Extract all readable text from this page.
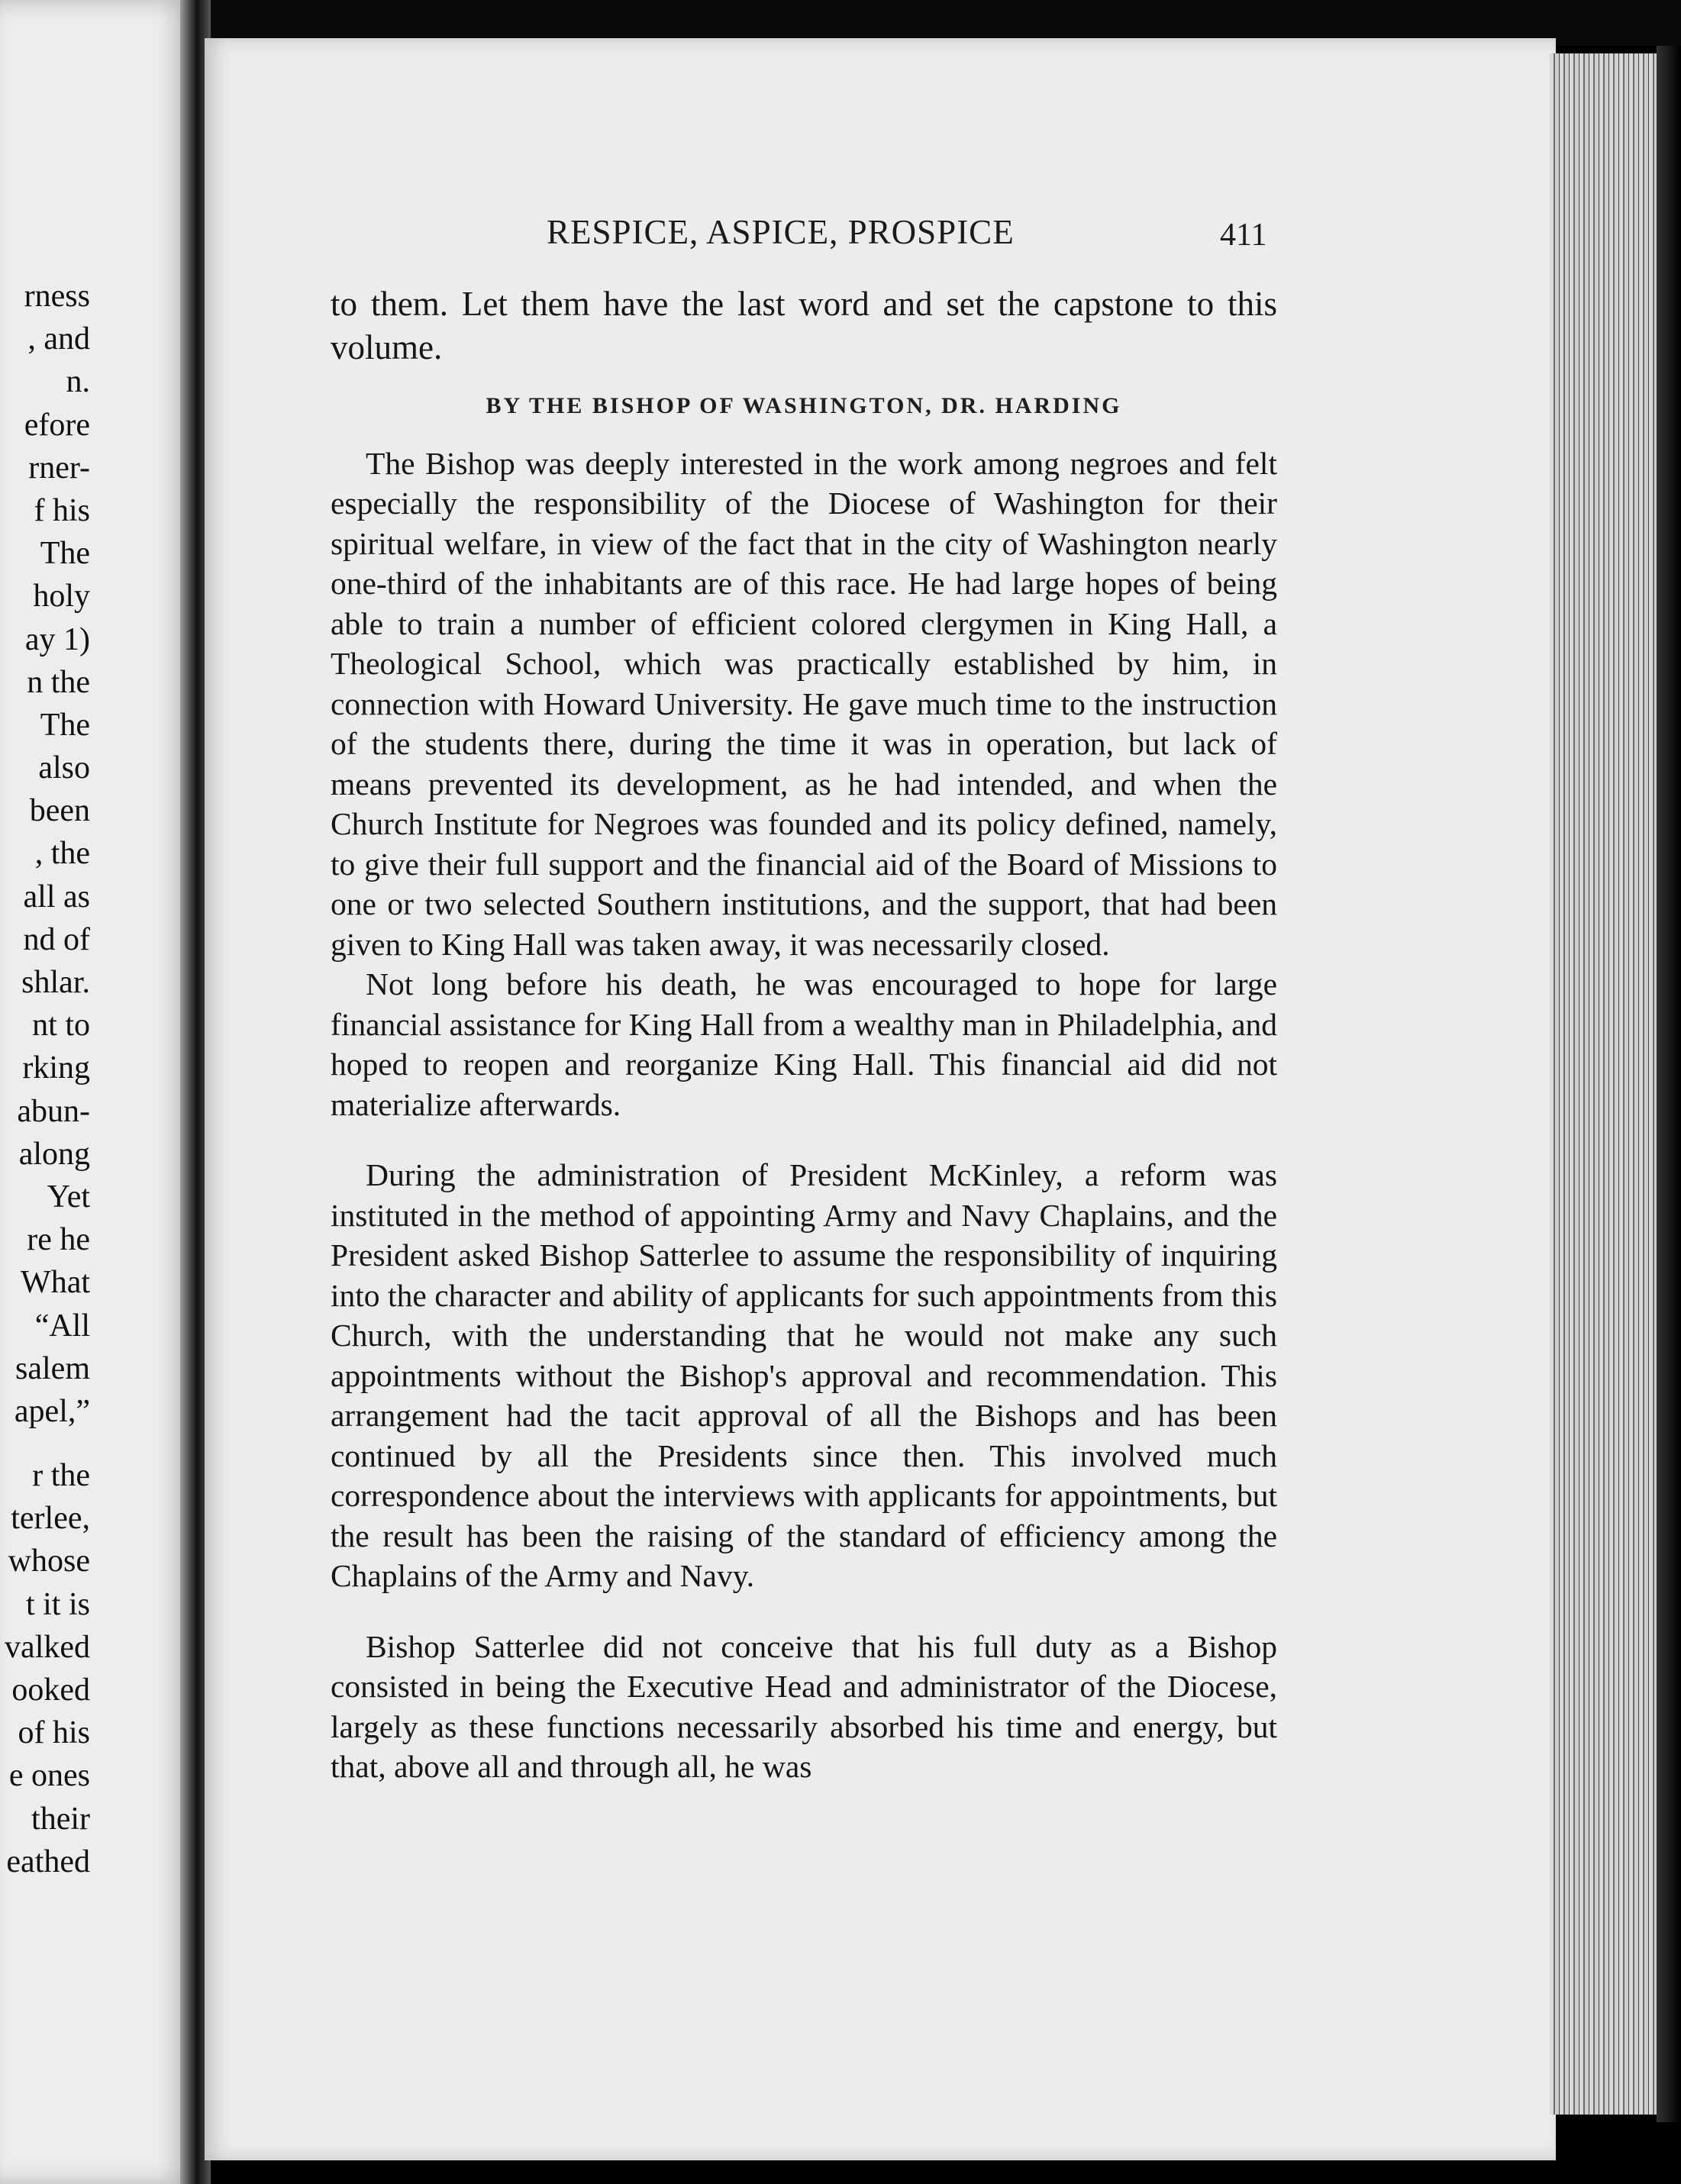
rness
, and
n.
efore
rner-
f his
The
holy
ay 1)
n the
The
also
been
, the
all as
nd of
shlar.
nt to
rking
abun-
along
Yet
re he
What
“All
salem
apel,”
r the
terlee,
whose
t it is
valked
ooked
of his
e ones
their
eathed
RESPICE, ASPICE, PROSPICE	411

to them. Let them have the last word and set the capstone to this volume.

BY THE BISHOP OF WASHINGTON, DR. HARDING

The Bishop was deeply interested in the work among negroes and felt especially the responsibility of the Diocese of Washington for their spiritual welfare, in view of the fact that in the city of Washington nearly one-third of the inhabitants are of this race. He had large hopes of being able to train a number of efficient colored clergymen in King Hall, a Theological School, which was practically established by him, in connection with Howard University. He gave much time to the instruction of the students there, during the time it was in operation, but lack of means prevented its development, as he had intended, and when the Church Institute for Negroes was founded and its policy defined, namely, to give their full support and the financial aid of the Board of Missions to one or two selected Southern institutions, and the support, that had been given to King Hall was taken away, it was necessarily closed.

Not long before his death, he was encouraged to hope for large financial assistance for King Hall from a wealthy man in Philadelphia, and hoped to reopen and reorganize King Hall. This financial aid did not materialize afterwards.

During the administration of President McKinley, a reform was instituted in the method of appointing Army and Navy Chaplains, and the President asked Bishop Satterlee to assume the responsibility of inquiring into the character and ability of applicants for such appointments from this Church, with the understanding that he would not make any such appointments without the Bishop's approval and recommendation. This arrangement had the tacit approval of all the Bishops and has been continued by all the Presidents since then. This involved much correspondence about the interviews with applicants for appointments, but the result has been the raising of the standard of efficiency among the Chaplains of the Army and Navy.

Bishop Satterlee did not conceive that his full duty as a Bishop consisted in being the Executive Head and administrator of the Diocese, largely as these functions necessarily absorbed his time and energy, but that, above all and through all, he was
